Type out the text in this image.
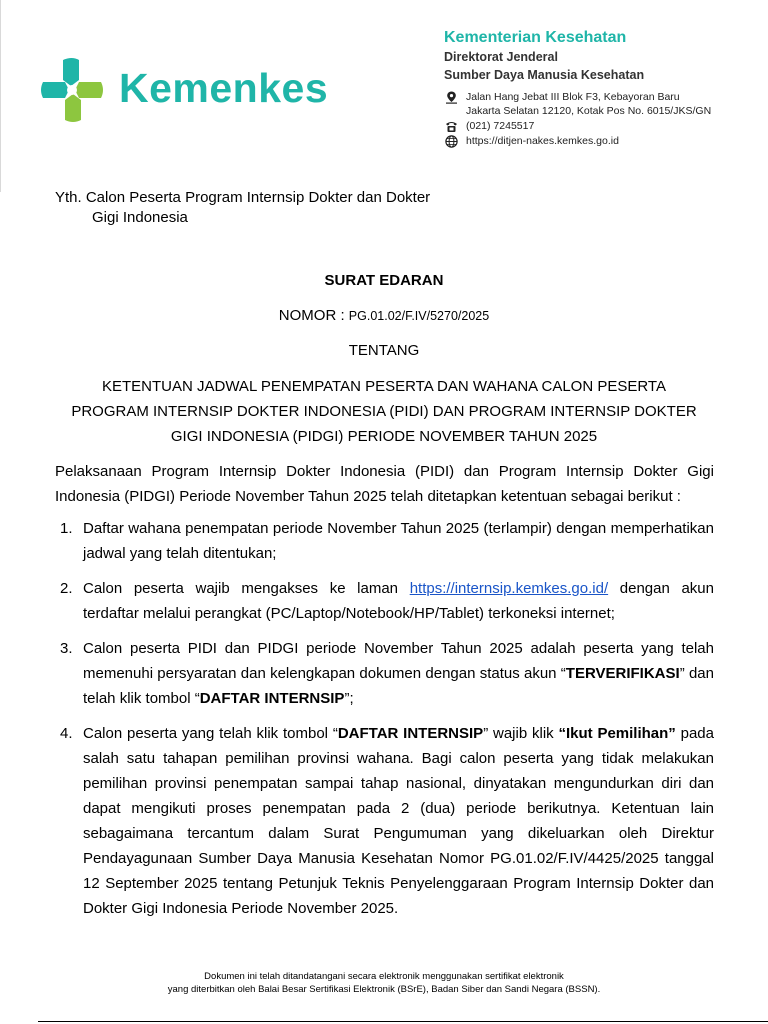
Kemenkes
Kementerian Kesehatan
Direktorat Jenderal
Sumber Daya Manusia Kesehatan
Jalan Hang Jebat III Blok F3, Kebayoran Baru
Jakarta Selatan 12120, Kotak Pos No. 6015/JKS/GN
(021) 7245517
https://ditjen-nakes.kemkes.go.id
Yth. Calon Peserta Program Internsip Dokter dan Dokter
Gigi Indonesia
SURAT EDARAN
NOMOR : PG.01.02/F.IV/5270/2025
TENTANG
KETENTUAN JADWAL PENEMPATAN PESERTA DAN WAHANA CALON PESERTA
PROGRAM INTERNSIP DOKTER INDONESIA (PIDI) DAN PROGRAM INTERNSIP DOKTER
GIGI INDONESIA (PIDGI) PERIODE NOVEMBER TAHUN 2025
Pelaksanaan Program Internsip Dokter Indonesia (PIDI) dan Program Internsip Dokter Gigi Indonesia (PIDGI) Periode November Tahun 2025 telah ditetapkan ketentuan sebagai berikut :
1. Daftar wahana penempatan periode November Tahun 2025 (terlampir) dengan memperhatikan jadwal yang telah ditentukan;
2. Calon peserta wajib mengakses ke laman https://internsip.kemkes.go.id/ dengan akun terdaftar melalui perangkat (PC/Laptop/Notebook/HP/Tablet) terkoneksi internet;
3. Calon peserta PIDI dan PIDGI periode November Tahun 2025 adalah peserta yang telah memenuhi persyaratan dan kelengkapan dokumen dengan status akun “TERVERIFIKASI” dan telah klik tombol “DAFTAR INTERNSIP”;
4. Calon peserta yang telah klik tombol “DAFTAR INTERNSIP” wajib klik “Ikut Pemilihan” pada salah satu tahapan pemilihan provinsi wahana. Bagi calon peserta yang tidak melakukan pemilihan provinsi penempatan sampai tahap nasional, dinyatakan mengundurkan diri dan dapat mengikuti proses penempatan pada 2 (dua) periode berikutnya. Ketentuan lain sebagaimana tercantum dalam Surat Pengumuman yang dikeluarkan oleh Direktur Pendayagunaan Sumber Daya Manusia Kesehatan Nomor PG.01.02/F.IV/4425/2025 tanggal 12 September 2025 tentang Petunjuk Teknis Penyelenggaraan Program Internsip Dokter dan Dokter Gigi Indonesia Periode November 2025.
Dokumen ini telah ditandatangani secara elektronik menggunakan sertifikat elektronik
yang diterbitkan oleh Balai Besar Sertifikasi Elektronik (BSrE), Badan Siber dan Sandi Negara (BSSN).
